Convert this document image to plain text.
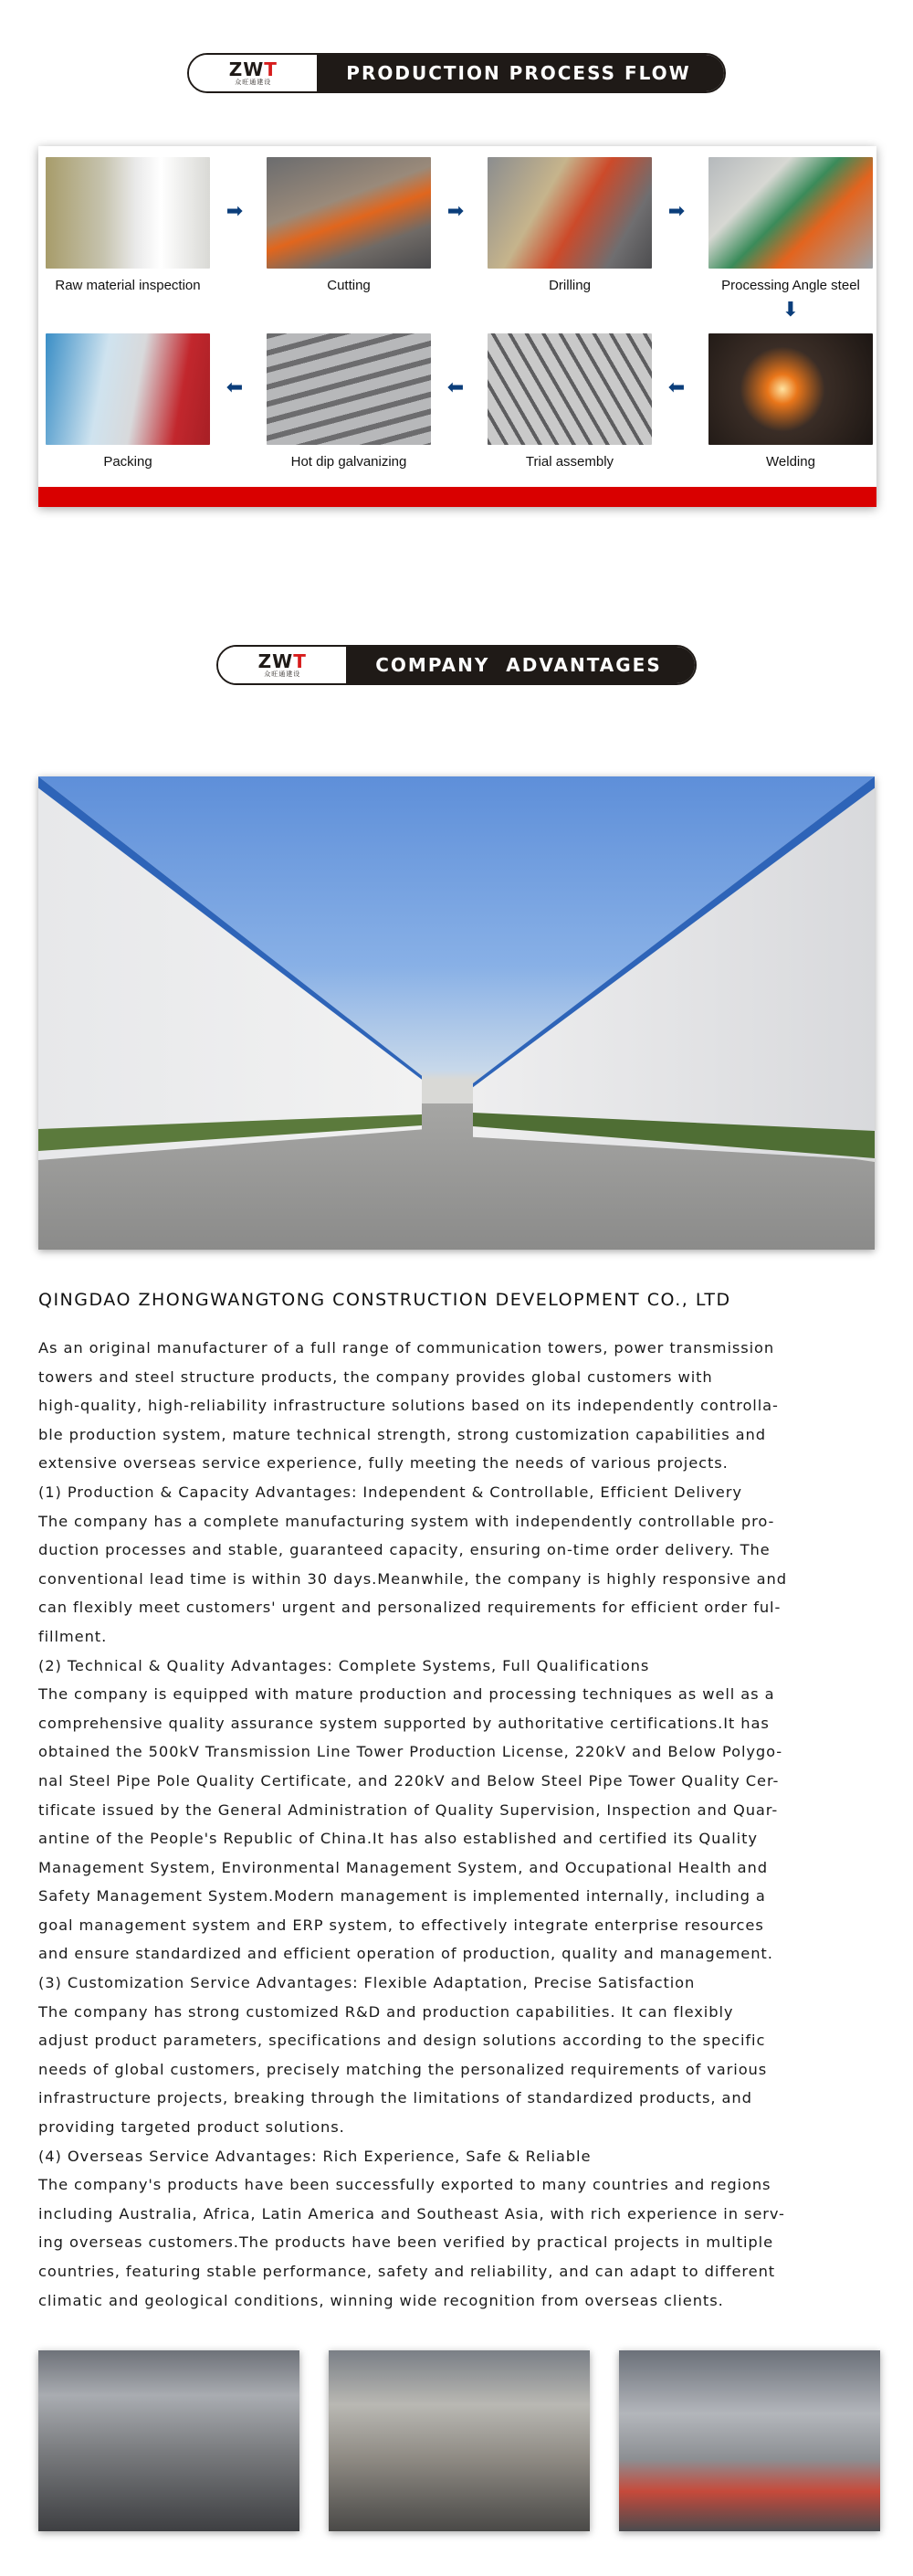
ZWT
众旺通建设	PRODUCTION PROCESS FLOW
Raw material inspection
➡
Cutting
➡
Drilling
➡
Processing Angle steel
⬇
Packing
⬅
Hot dip galvanizing
⬅
Trial assembly
⬅
Welding
ZWT
众旺通建设	COMPANY  ADVANTAGES
QINGDAO ZHONGWANGTONG CONSTRUCTION DEVELOPMENT CO., LTD
As an original manufacturer of a full range of communication towers, power transmission
towers and steel structure products, the company provides global customers with
high-quality, high-reliability infrastructure solutions based on its independently controlla-
ble production system, mature technical strength, strong customization capabilities and
extensive overseas service experience, fully meeting the needs of various projects.
(1) Production & Capacity Advantages: Independent & Controllable, Efficient Delivery
The company has a complete manufacturing system with independently controllable pro-
duction processes and stable, guaranteed capacity, ensuring on-time order delivery. The
conventional lead time is within 30 days.Meanwhile, the company is highly responsive and
can flexibly meet customers' urgent and personalized requirements for efficient order ful-
fillment.
(2) Technical & Quality Advantages: Complete Systems, Full Qualifications
The company is equipped with mature production and processing techniques as well as a
comprehensive quality assurance system supported by authoritative certifications.It has
obtained the 500kV Transmission Line Tower Production License, 220kV and Below Polygo-
nal Steel Pipe Pole Quality Certificate, and 220kV and Below Steel Pipe Tower Quality Cer-
tificate issued by the General Administration of Quality Supervision, Inspection and Quar-
antine of the People's Republic of China.It has also established and certified its Quality
Management System, Environmental Management System, and Occupational Health and
Safety Management System.Modern management is implemented internally, including a
goal management system and ERP system, to effectively integrate enterprise resources
and ensure standardized and efficient operation of production, quality and management.
(3) Customization Service Advantages: Flexible Adaptation, Precise Satisfaction
The company has strong customized R&D and production capabilities. It can flexibly
adjust product parameters, specifications and design solutions according to the specific
needs of global customers, precisely matching the personalized requirements of various
infrastructure projects, breaking through the limitations of standardized products, and
providing targeted product solutions.
(4) Overseas Service Advantages: Rich Experience, Safe & Reliable
The company's products have been successfully exported to many countries and regions
including Australia, Africa, Latin America and Southeast Asia, with rich experience in serv-
ing overseas customers.The products have been verified by practical projects in multiple
countries, featuring stable performance, safety and reliability, and can adapt to different
climatic and geological conditions, winning wide recognition from overseas clients.
